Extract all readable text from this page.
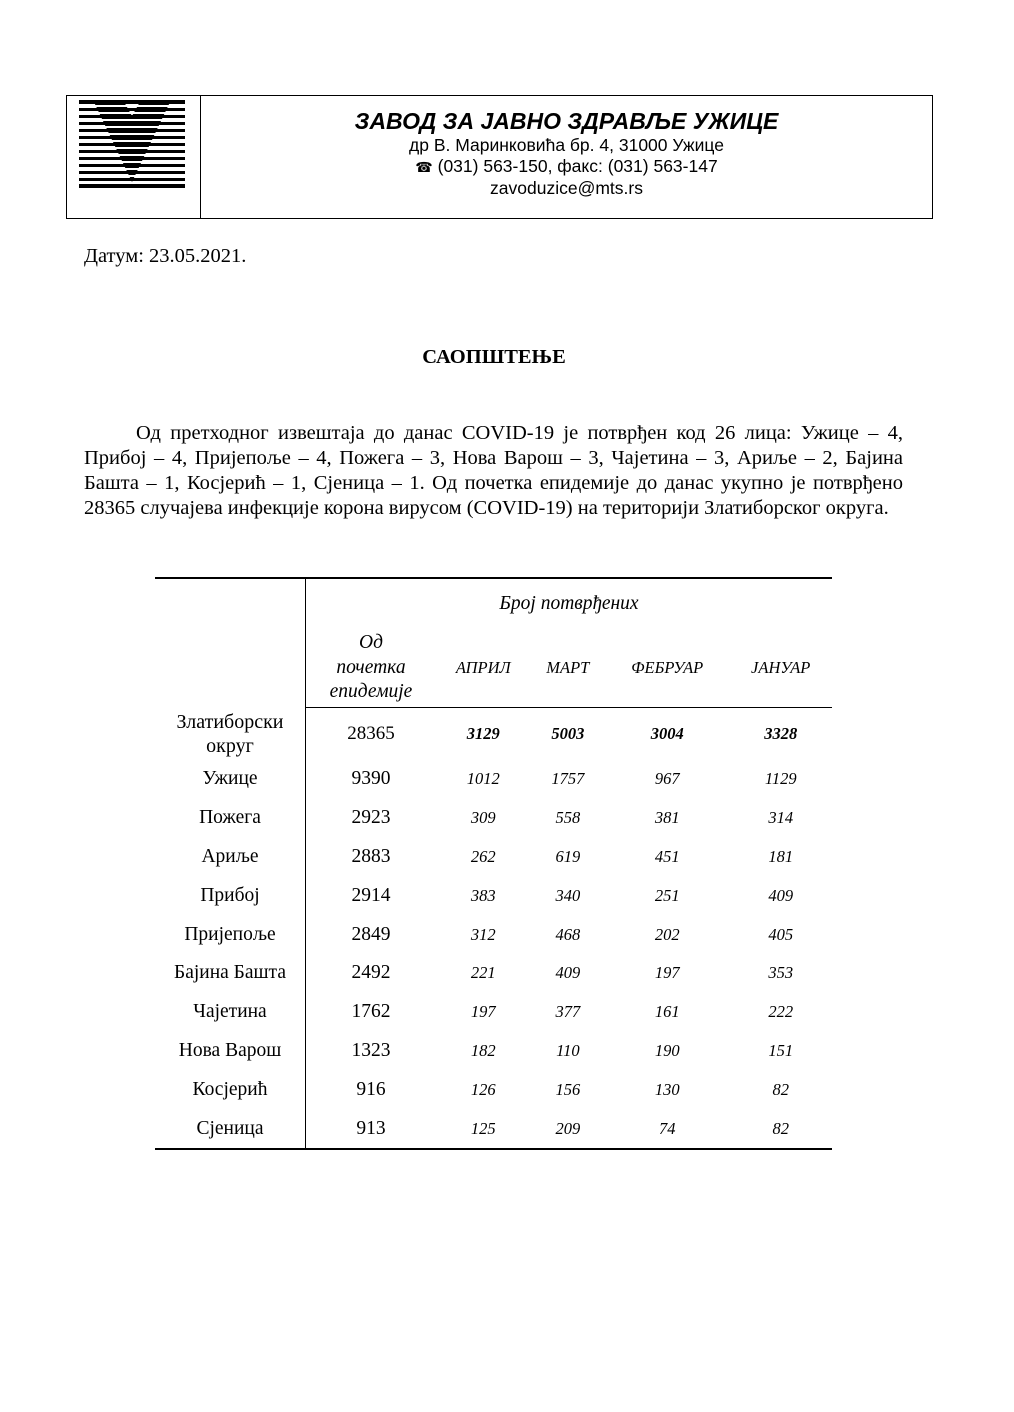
ЗАВОД ЗА ЈАВНО ЗДРАВЉЕ УЖИЦЕ
др В. Маринковића бр. 4, 31000 Ужице
☎ (031) 563-150, факс: (031) 563-147
zavoduzice@mts.rs
Датум: 23.05.2021.
САОПШТЕЊЕ

Од претходног извештаја до данас COVID-19 је потврђен код 26 лица: Ужице – 4, Прибој – 4, Пријепоље – 4, Пожега – 3, Нова Варош – 3, Чајетина – 3, Ариље – 2, Бајина Башта – 1, Косјерић – 1, Сјеница – 1. Од почетка епидемије до данас укупно је потврђено 28365 случајева инфекције корона вирусом (COVID-19) на територији Златиборског округа.

	Број потврђених				
	Од
почетка
епидемије	АПРИЛ	МАРТ	ФЕБРУАР	ЈАНУАР
Златиборски
округ	28365	3129	5003	3004	3328
Ужице	9390	1012	1757	967	1129
Пожега	2923	309	558	381	314
Ариље	2883	262	619	451	181
Прибој	2914	383	340	251	409
Пријепоље	2849	312	468	202	405
Бајина Башта	2492	221	409	197	353
Чајетина	1762	197	377	161	222
Нова Варош	1323	182	110	190	151
Косјерић	916	126	156	130	82
Сјеница	913	125	209	74	82
